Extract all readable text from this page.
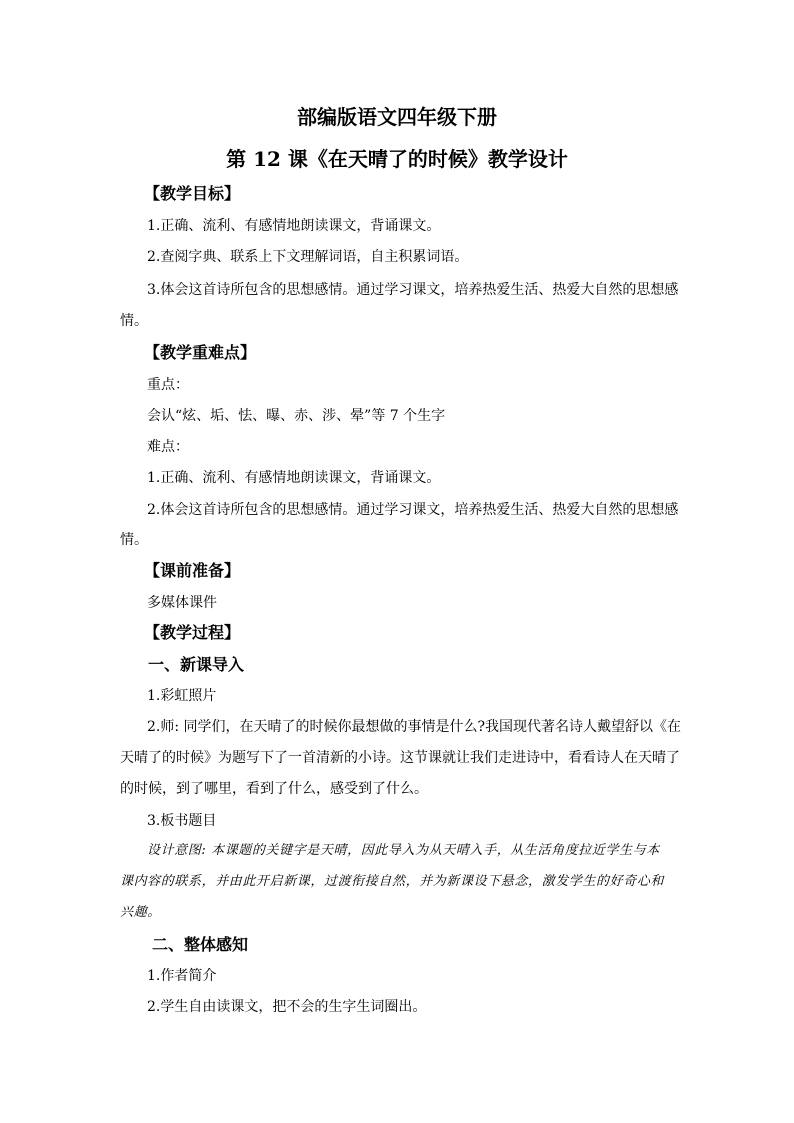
部编版语文四年级下册
第 12 课《在天晴了的时候》教学设计
【教学目标】
1.正确、流利、有感情地朗读课文，背诵课文。
2.查阅字典、联系上下文理解词语，自主积累词语。
3.体会这首诗所包含的思想感情。通过学习课文，培养热爱生活、热爱大自然的思想感
情。
【教学重难点】
重点：
会认“炫、垢、怯、曝、赤、涉、晕”等 7 个生字
难点：
1.正确、流利、有感情地朗读课文，背诵课文。
2.体会这首诗所包含的思想感情。通过学习课文，培养热爱生活、热爱大自然的思想感
情。
【课前准备】
多媒体课件
【教学过程】
一、新课导入
1.彩虹照片
2.师: 同学们，在天晴了的时候你最想做的事情是什么?我国现代著名诗人戴望舒以《在
天晴了的时候》为题写下了一首清新的小诗。这节课就让我们走进诗中，看看诗人在天晴了
的时候，到了哪里，看到了什么，感受到了什么。
3.板书题目
设计意图: 本课题的关键字是天晴，因此导入为从天晴入手，从生活角度拉近学生与本
课内容的联系，并由此开启新课，过渡衔接自然，并为新课设下悬念，激发学生的好奇心和
兴趣。
二、整体感知
1.作者简介
2.学生自由读课文，把不会的生字生词圈出。
